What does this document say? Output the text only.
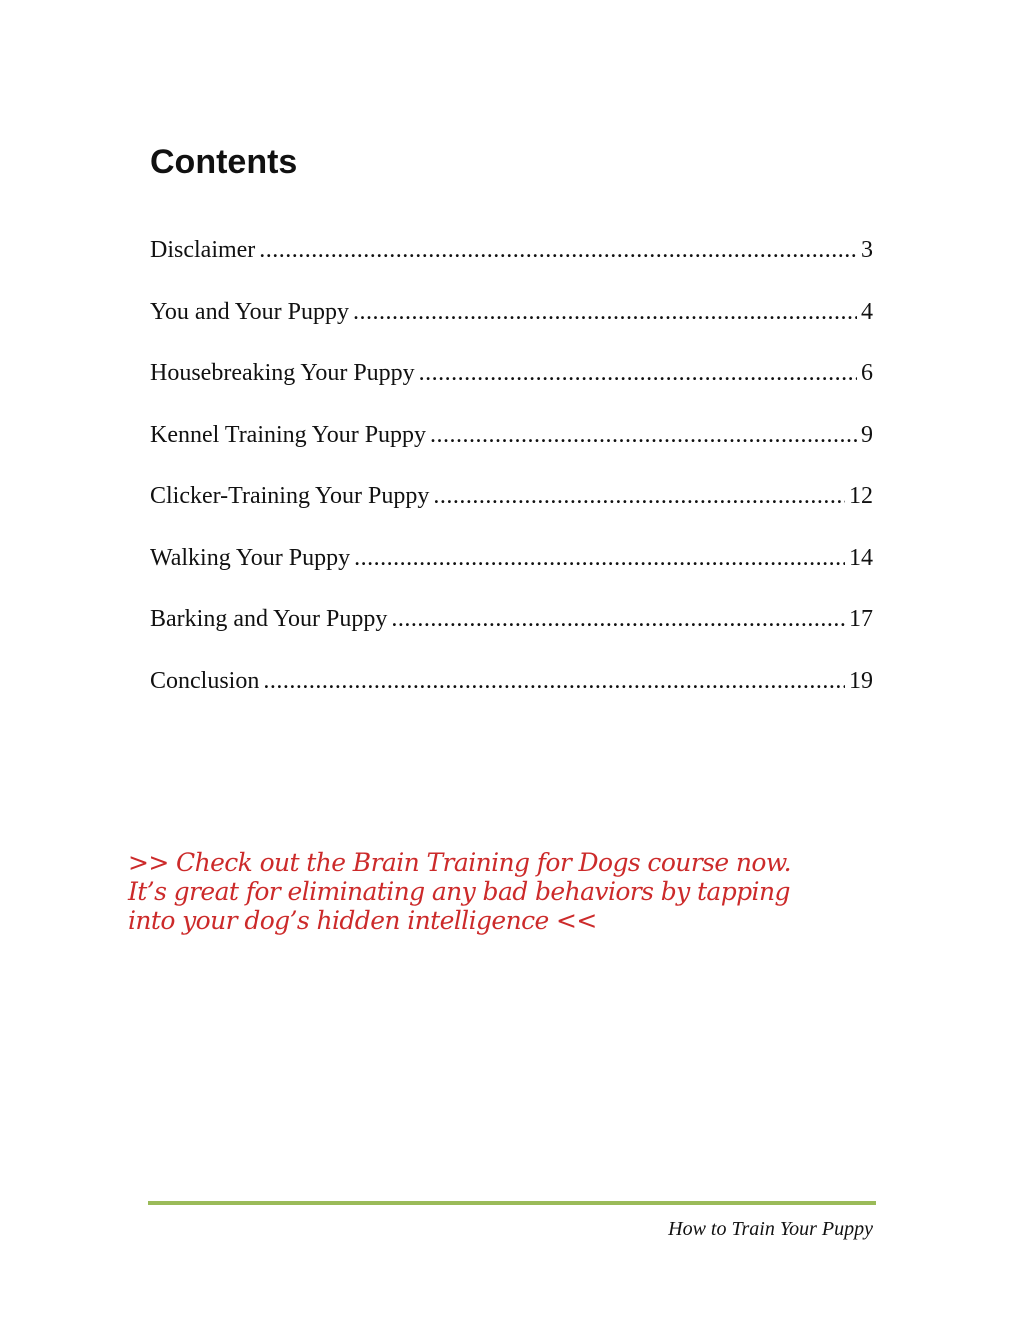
Contents
Disclaimer .....	3
You and Your Puppy .....	4
Housebreaking Your Puppy .....	6
Kennel Training Your Puppy .....	9
Clicker-Training Your Puppy .....	12
Walking Your Puppy .....	14
Barking and Your Puppy .....	17
Conclusion .....	19
>> Check out the Brain Training for Dogs course now.
It’s great for eliminating any bad behaviors by tapping
into your dog’s hidden intelligence <<
How to Train Your Puppy
